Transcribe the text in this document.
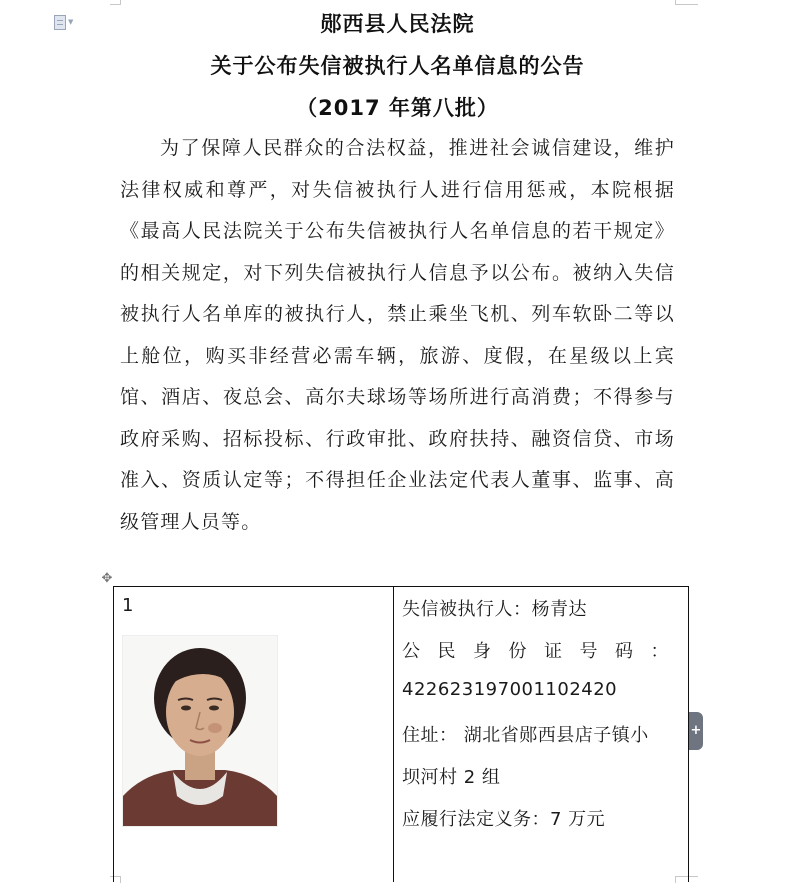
▼	郧西县人民法院
关于公布失信被执行人名单信息的公告
（2017 年第八批）

为了保障人民群众的合法权益，推进社会诚信建设，维护法律权威和尊严，对失信被执行人进行信用惩戒，本院根据《最高人民法院关于公布失信被执行人名单信息的若干规定》的相关规定，对下列失信被执行人信息予以公布。被纳入失信被执行人名单库的被执行人，禁止乘坐飞机、列车软卧二等以上舱位，购买非经营必需车辆，旅游、度假，在星级以上宾馆、酒店、夜总会、高尔夫球场等场所进行高消费；不得参与政府采购、招标投标、行政审批、政府扶持、融资信贷、市场准入、资质认定等；不得担任企业法定代表人董事、监事、高级管理人员等。

✥
1	失信被执行人：杨青达
公民身份证号码：
422623197001102420
住址： 湖北省郧西县店子镇小
坝河村 2 组
应履行法定义务：7 万元
+
